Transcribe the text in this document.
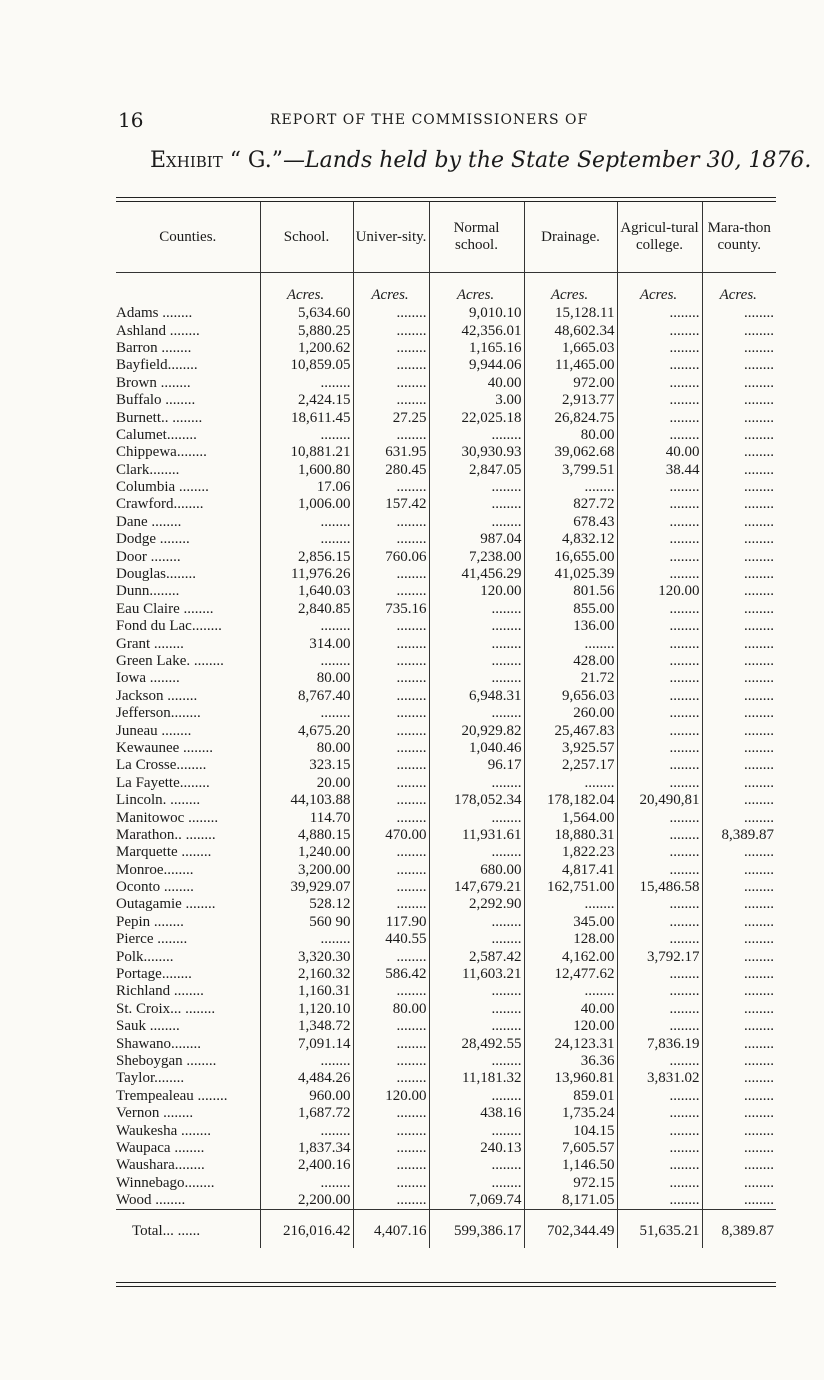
16	REPORT OF THE COMMISSIONERS OF
Exhibit “ G.”—Lands held by the State September 30, 1876.
Counties.	School.	Univer-sity.	Normal school.	Drainage.	Agricul-tural college.	Mara-thon county.
	Acres.	Acres.	Acres.	Acres.	Acres.	Acres.
Adams ........	5,634.60	........	9,010.10	15,128.11	........	........
Ashland ........	5,880.25	........	42,356.01	48,602.34	........	........
Barron ........	1,200.62	........	1,165.16	1,665.03	........	........
Bayfield........	10,859.05	........	9,944.06	11,465.00	........	........
Brown ........	........	........	40.00	972.00	........	........
Buffalo ........	2,424.15	........	3.00	2,913.77	........	........
Burnett.. ........	18,611.45	27.25	22,025.18	26,824.75	........	........
Calumet........	........	........	........	80.00	........	........
Chippewa........	10,881.21	631.95	30,930.93	39,062.68	40.00	........
Clark........	1,600.80	280.45	2,847.05	3,799.51	38.44	........
Columbia ........	17.06	........	........	........	........	........
Crawford........	1,006.00	157.42	........	827.72	........	........
Dane ........	........	........	........	678.43	........	........
Dodge ........	........	........	987.04	4,832.12	........	........
Door ........	2,856.15	760.06	7,238.00	16,655.00	........	........
Douglas........	11,976.26	........	41,456.29	41,025.39	........	........
Dunn........	1,640.03	........	120.00	801.56	120.00	........
Eau Claire ........	2,840.85	735.16	........	855.00	........	........
Fond du Lac........	........	........	........	136.00	........	........
Grant ........	314.00	........	........	........	........	........
Green Lake. ........	........	........	........	428.00	........	........
Iowa ........	80.00	........	........	21.72	........	........
Jackson ........	8,767.40	........	6,948.31	9,656.03	........	........
Jefferson........	........	........	........	260.00	........	........
Juneau ........	4,675.20	........	20,929.82	25,467.83	........	........
Kewaunee ........	80.00	........	1,040.46	3,925.57	........	........
La Crosse........	323.15	........	96.17	2,257.17	........	........
La Fayette........	20.00	........	........	........	........	........
Lincoln. ........	44,103.88	........	178,052.34	178,182.04	20,490,81	........
Manitowoc ........	114.70	........	........	1,564.00	........	........
Marathon.. ........	4,880.15	470.00	11,931.61	18,880.31	........	8,389.87
Marquette ........	1,240.00	........	........	1,822.23	........	........
Monroe........	3,200.00	........	680.00	4,817.41	........	........
Oconto ........	39,929.07	........	147,679.21	162,751.00	15,486.58	........
Outagamie ........	528.12	........	2,292.90	........	........	........
Pepin ........	560 90	117.90	........	345.00	........	........
Pierce ........	........	440.55	........	128.00	........	........
Polk........	3,320.30	........	2,587.42	4,162.00	3,792.17	........
Portage........	2,160.32	586.42	11,603.21	12,477.62	........	........
Richland ........	1,160.31	........	........	........	........	........
St. Croix... ........	1,120.10	80.00	........	40.00	........	........
Sauk ........	1,348.72	........	........	120.00	........	........
Shawano........	7,091.14	........	28,492.55	24,123.31	7,836.19	........
Sheboygan ........	........	........	........	36.36	........	........
Taylor........	4,484.26	........	11,181.32	13,960.81	3,831.02	........
Trempealeau ........	960.00	120.00	........	859.01	........	........
Vernon ........	1,687.72	........	438.16	1,735.24	........	........
Waukesha ........	........	........	........	104.15	........	........
Waupaca ........	1,837.34	........	240.13	7,605.57	........	........
Waushara........	2,400.16	........	........	1,146.50	........	........
Winnebago........	........	........	........	972.15	........	........
Wood ........	2,200.00	........	7,069.74	8,171.05	........	........
Total... ......	216,016.42	4,407.16	599,386.17	702,344.49	51,635.21	8,389.87
